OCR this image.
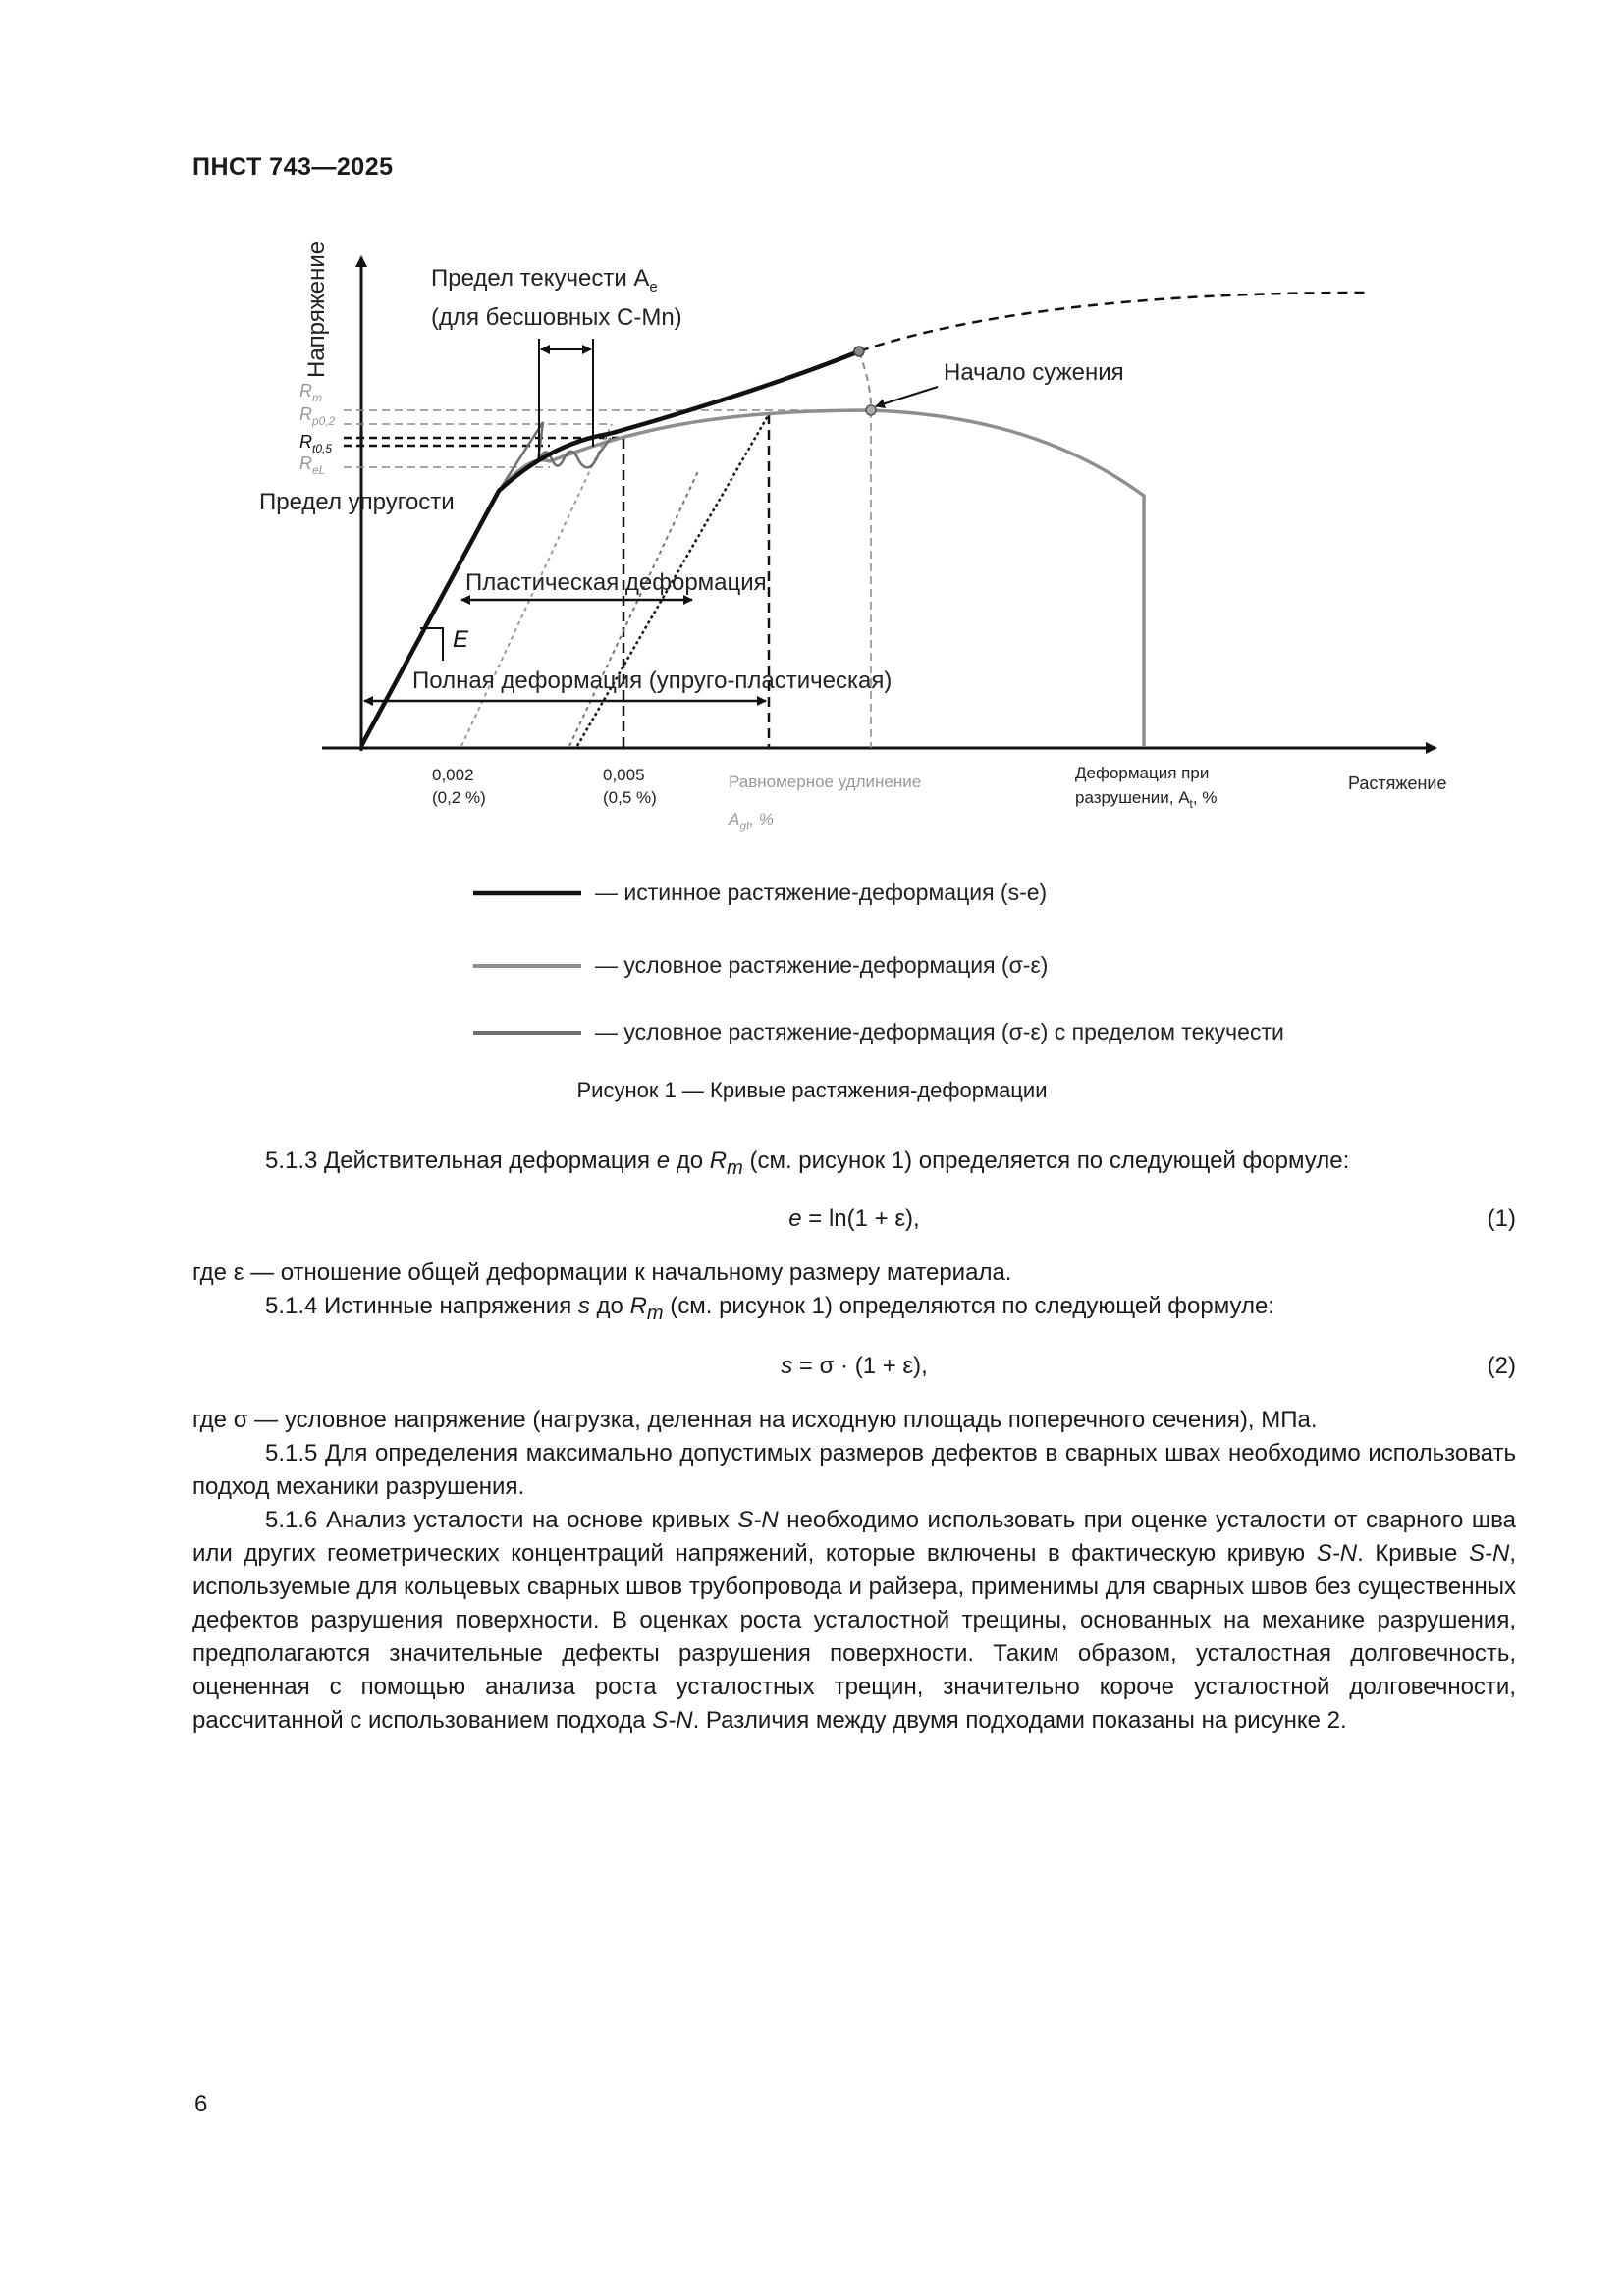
ПНСТ 743—2025
Напряжение
E
Пластическая деформация
Полная деформация (упруго-пластическая)
Предел упругости
Предел текучести $A_e$
(для бесшовных C-Mn)
Начало сужения
$R_m$
$R_{p0,2}$
$R_{t0,5}$
$R_{eL}$
0,002
(0,2 %)
0,005
(0,5 %)
Равномерное удлинение
$A_{gt}$, %
Деформация при
разрушении, $A_t$, %
Растяжение
— истинное растяжение-деформация (s-e)
— условное растяжение-деформация (σ-ε)
— условное растяжение-деформация (σ-ε) с пределом текучести
Рисунок 1 — Кривые растяжения-деформации
5.1.3 Действительная деформация e до $R_m$ (см. рисунок 1) определяется по следующей формуле:
e = ln(1 + ε),	(1)
где ε — отношение общей деформации к начальному размеру материала.
5.1.4 Истинные напряжения s до $R_m$ (см. рисунок 1) определяются по следующей формуле:
s = σ · (1 + ε),	(2)
где σ — условное напряжение (нагрузка, деленная на исходную площадь поперечного сечения), МПа.
5.1.5 Для определения максимально допустимых размеров дефектов в сварных швах необходимо использовать подход механики разрушения.
5.1.6 Анализ усталости на основе кривых S-N необходимо использовать при оценке усталости от сварного шва или других геометрических концентраций напряжений, которые включены в фактическую кривую S-N. Кривые S-N, используемые для кольцевых сварных швов трубопровода и райзера, применимы для сварных швов без существенных дефектов разрушения поверхности. В оценках роста усталостной трещины, основанных на механике разрушения, предполагаются значительные дефекты разрушения поверхности. Таким образом, усталостная долговечность, оцененная с помощью анализа роста усталостных трещин, значительно короче усталостной долговечности, рассчитанной с использованием подхода S-N. Различия между двумя подходами показаны на рисунке 2.
6
